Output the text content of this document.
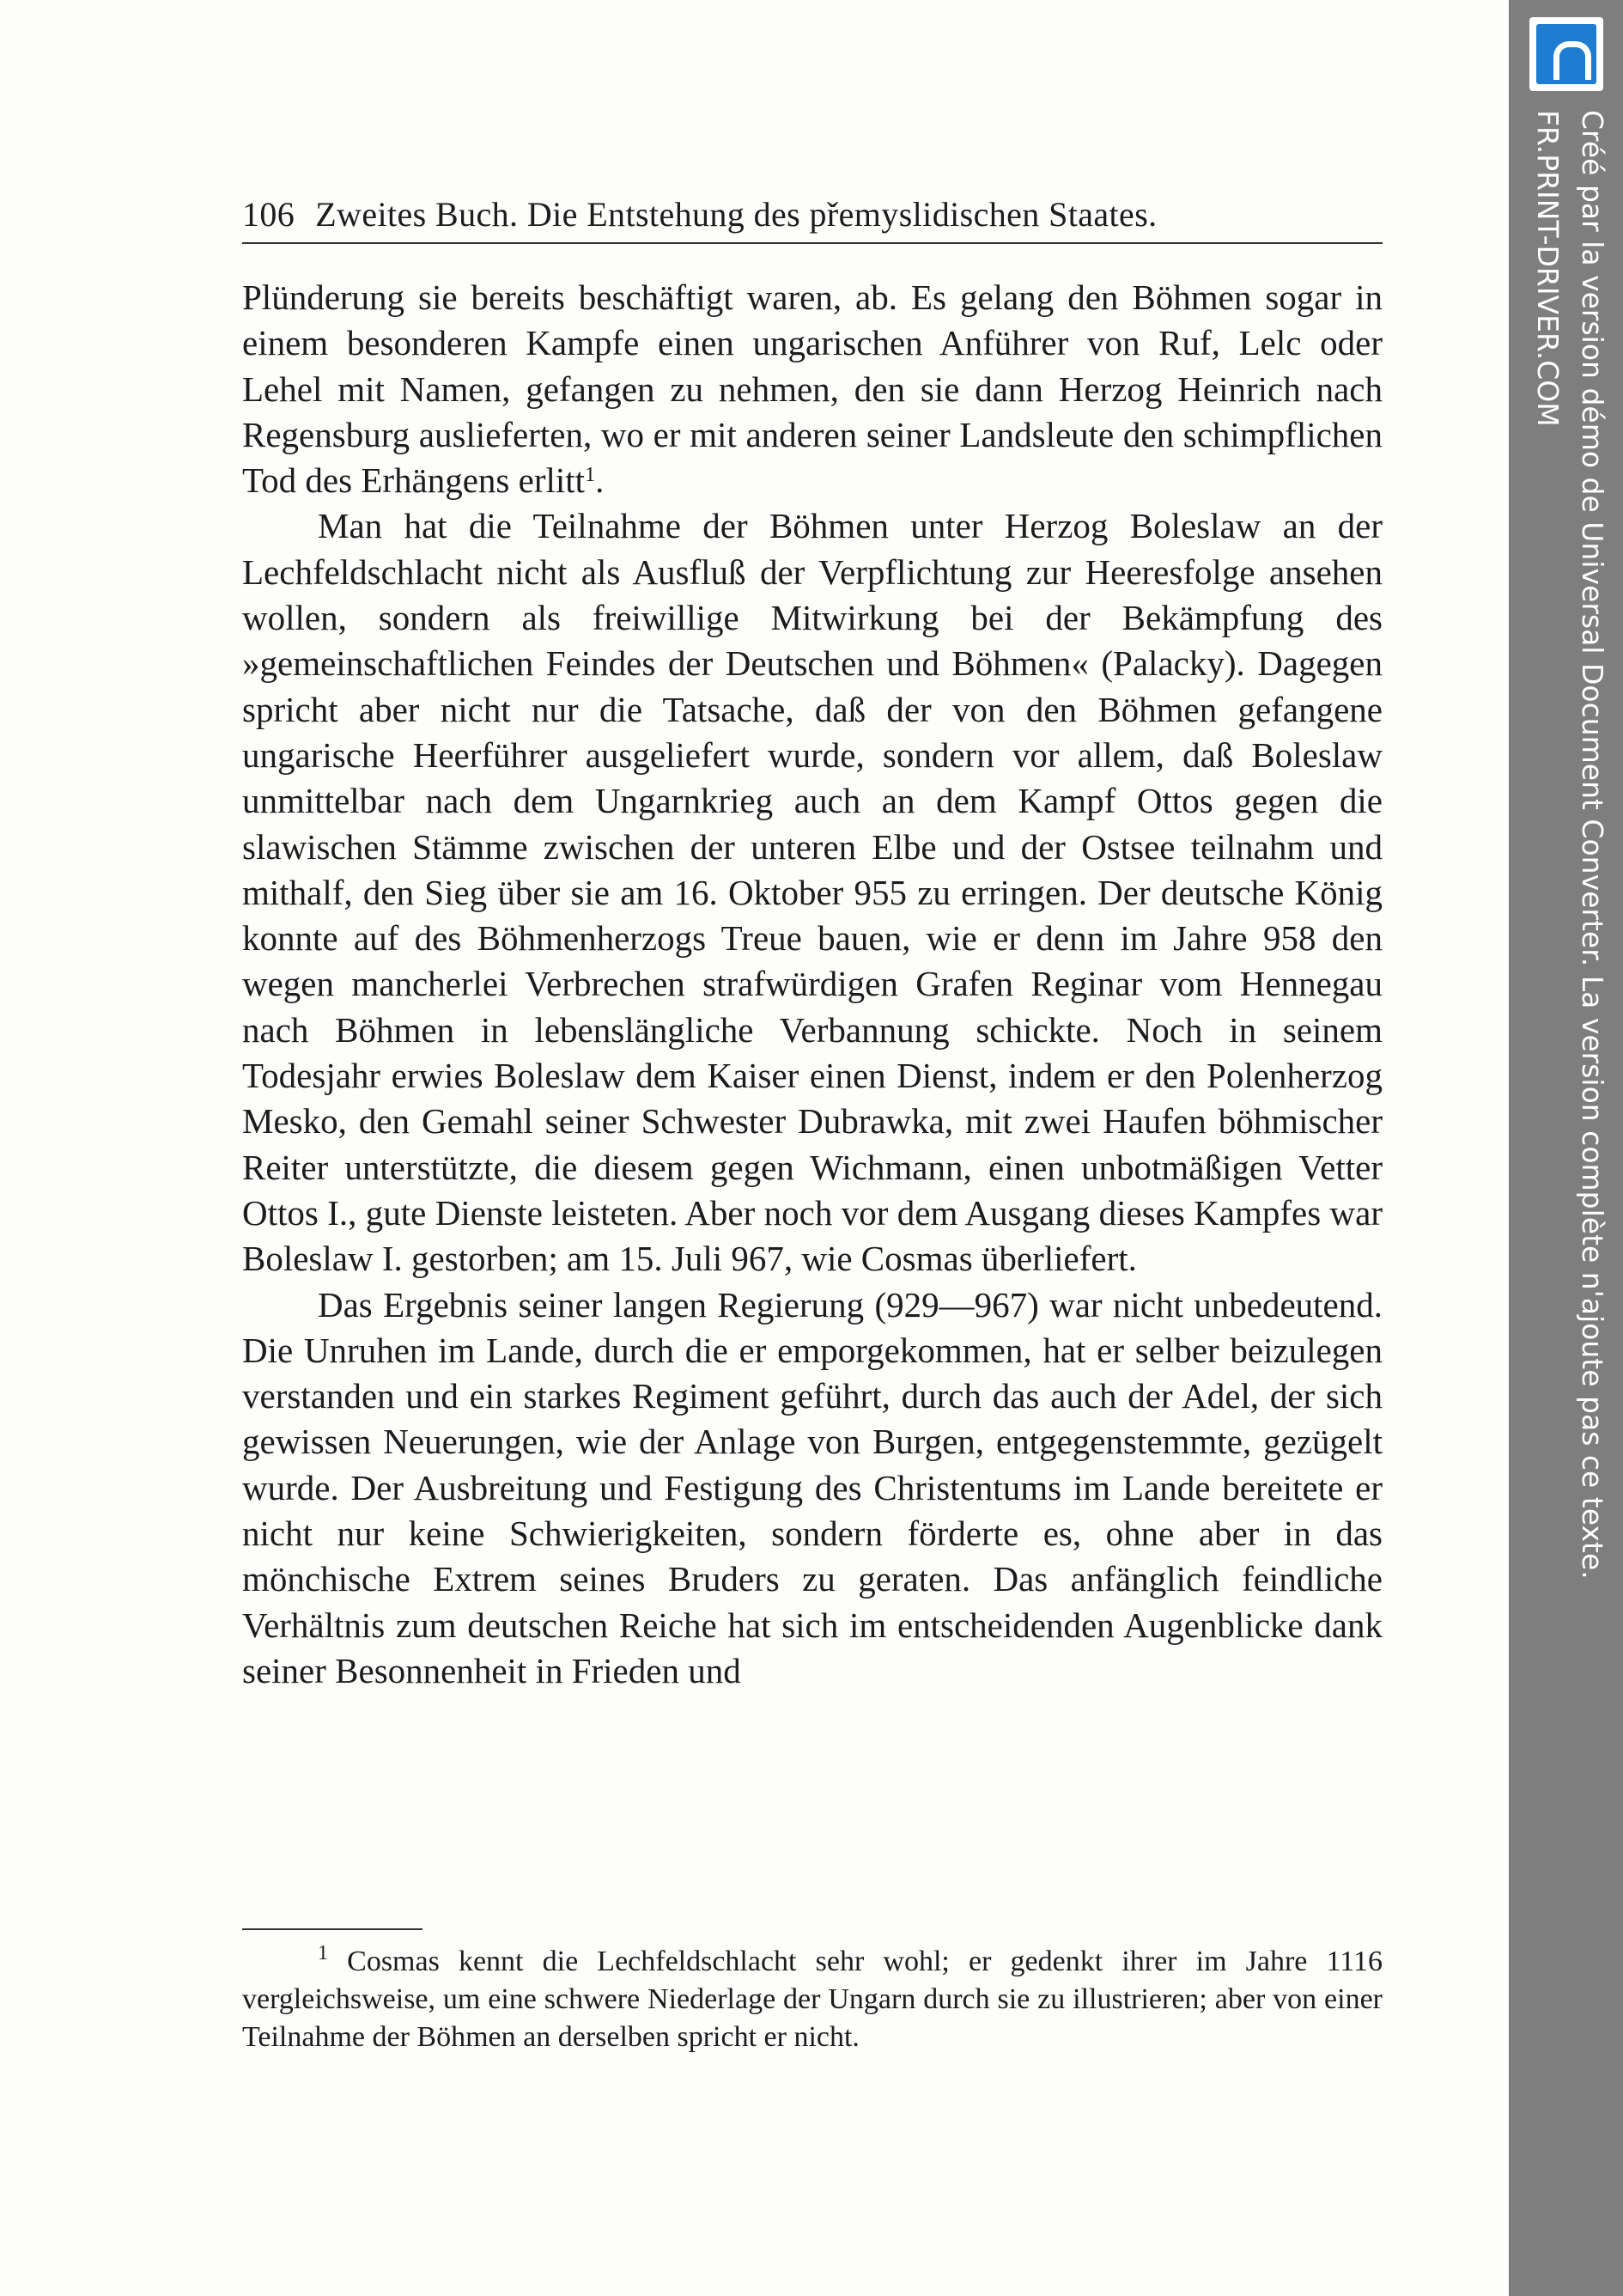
106 Zweites Buch. Die Entstehung des přemyslidischen Staates.

Plünderung sie bereits beschäftigt waren, ab. Es gelang den Böhmen sogar in einem besonderen Kampfe einen ungarischen Anführer von Ruf, Lelc oder Lehel mit Namen, gefangen zu nehmen, den sie dann Herzog Heinrich nach Regensburg auslieferten, wo er mit anderen seiner Landsleute den schimpflichen Tod des Erhängens erlitt$^1$.

Man hat die Teilnahme der Böhmen unter Herzog Boleslaw an der Lechfeldschlacht nicht als Ausfluß der Verpflichtung zur Heeresfolge ansehen wollen, sondern als freiwillige Mitwirkung bei der Bekämpfung des »gemeinschaftlichen Feindes der Deutschen und Böhmen« (Palacky). Dagegen spricht aber nicht nur die Tatsache, daß der von den Böhmen gefangene ungarische Heerführer ausgeliefert wurde, sondern vor allem, daß Boleslaw unmittelbar nach dem Ungarnkrieg auch an dem Kampf Ottos gegen die slawischen Stämme zwischen der unteren Elbe und der Ostsee teilnahm und mithalf, den Sieg über sie am 16. Oktober 955 zu erringen. Der deutsche König konnte auf des Böhmenherzogs Treue bauen, wie er denn im Jahre 958 den wegen mancherlei Verbrechen strafwürdigen Grafen Reginar vom Hennegau nach Böhmen in lebenslängliche Verbannung schickte. Noch in seinem Todesjahr erwies Boleslaw dem Kaiser einen Dienst, indem er den Polenherzog Mesko, den Gemahl seiner Schwester Dubrawka, mit zwei Haufen böhmischer Reiter unterstützte, die diesem gegen Wichmann, einen unbotmäßigen Vetter Ottos I., gute Dienste leisteten. Aber noch vor dem Ausgang dieses Kampfes war Boleslaw I. gestorben; am 15. Juli 967, wie Cosmas überliefert.

Das Ergebnis seiner langen Regierung (929—967) war nicht unbedeutend. Die Unruhen im Lande, durch die er emporgekommen, hat er selber beizulegen verstanden und ein starkes Regiment geführt, durch das auch der Adel, der sich gewissen Neuerungen, wie der Anlage von Burgen, entgegenstemmte, gezügelt wurde. Der Ausbreitung und Festigung des Christentums im Lande bereitete er nicht nur keine Schwierigkeiten, sondern förderte es, ohne aber in das mönchische Extrem seines Bruders zu geraten. Das anfänglich feindliche Verhältnis zum deutschen Reiche hat sich im entscheidenden Augenblicke dank seiner Besonnenheit in Frieden und

$^1$ Cosmas kennt die Lechfeldschlacht sehr wohl; er gedenkt ihrer im Jahre 1116 vergleichsweise, um eine schwere Niederlage der Ungarn durch sie zu illustrieren; aber von einer Teilnahme der Böhmen an derselben spricht er nicht.

Créé par la version démo de Universal Document Converter. La version complète n'ajoute pas ce texte.
FR.PRINT-DRIVER.COM
